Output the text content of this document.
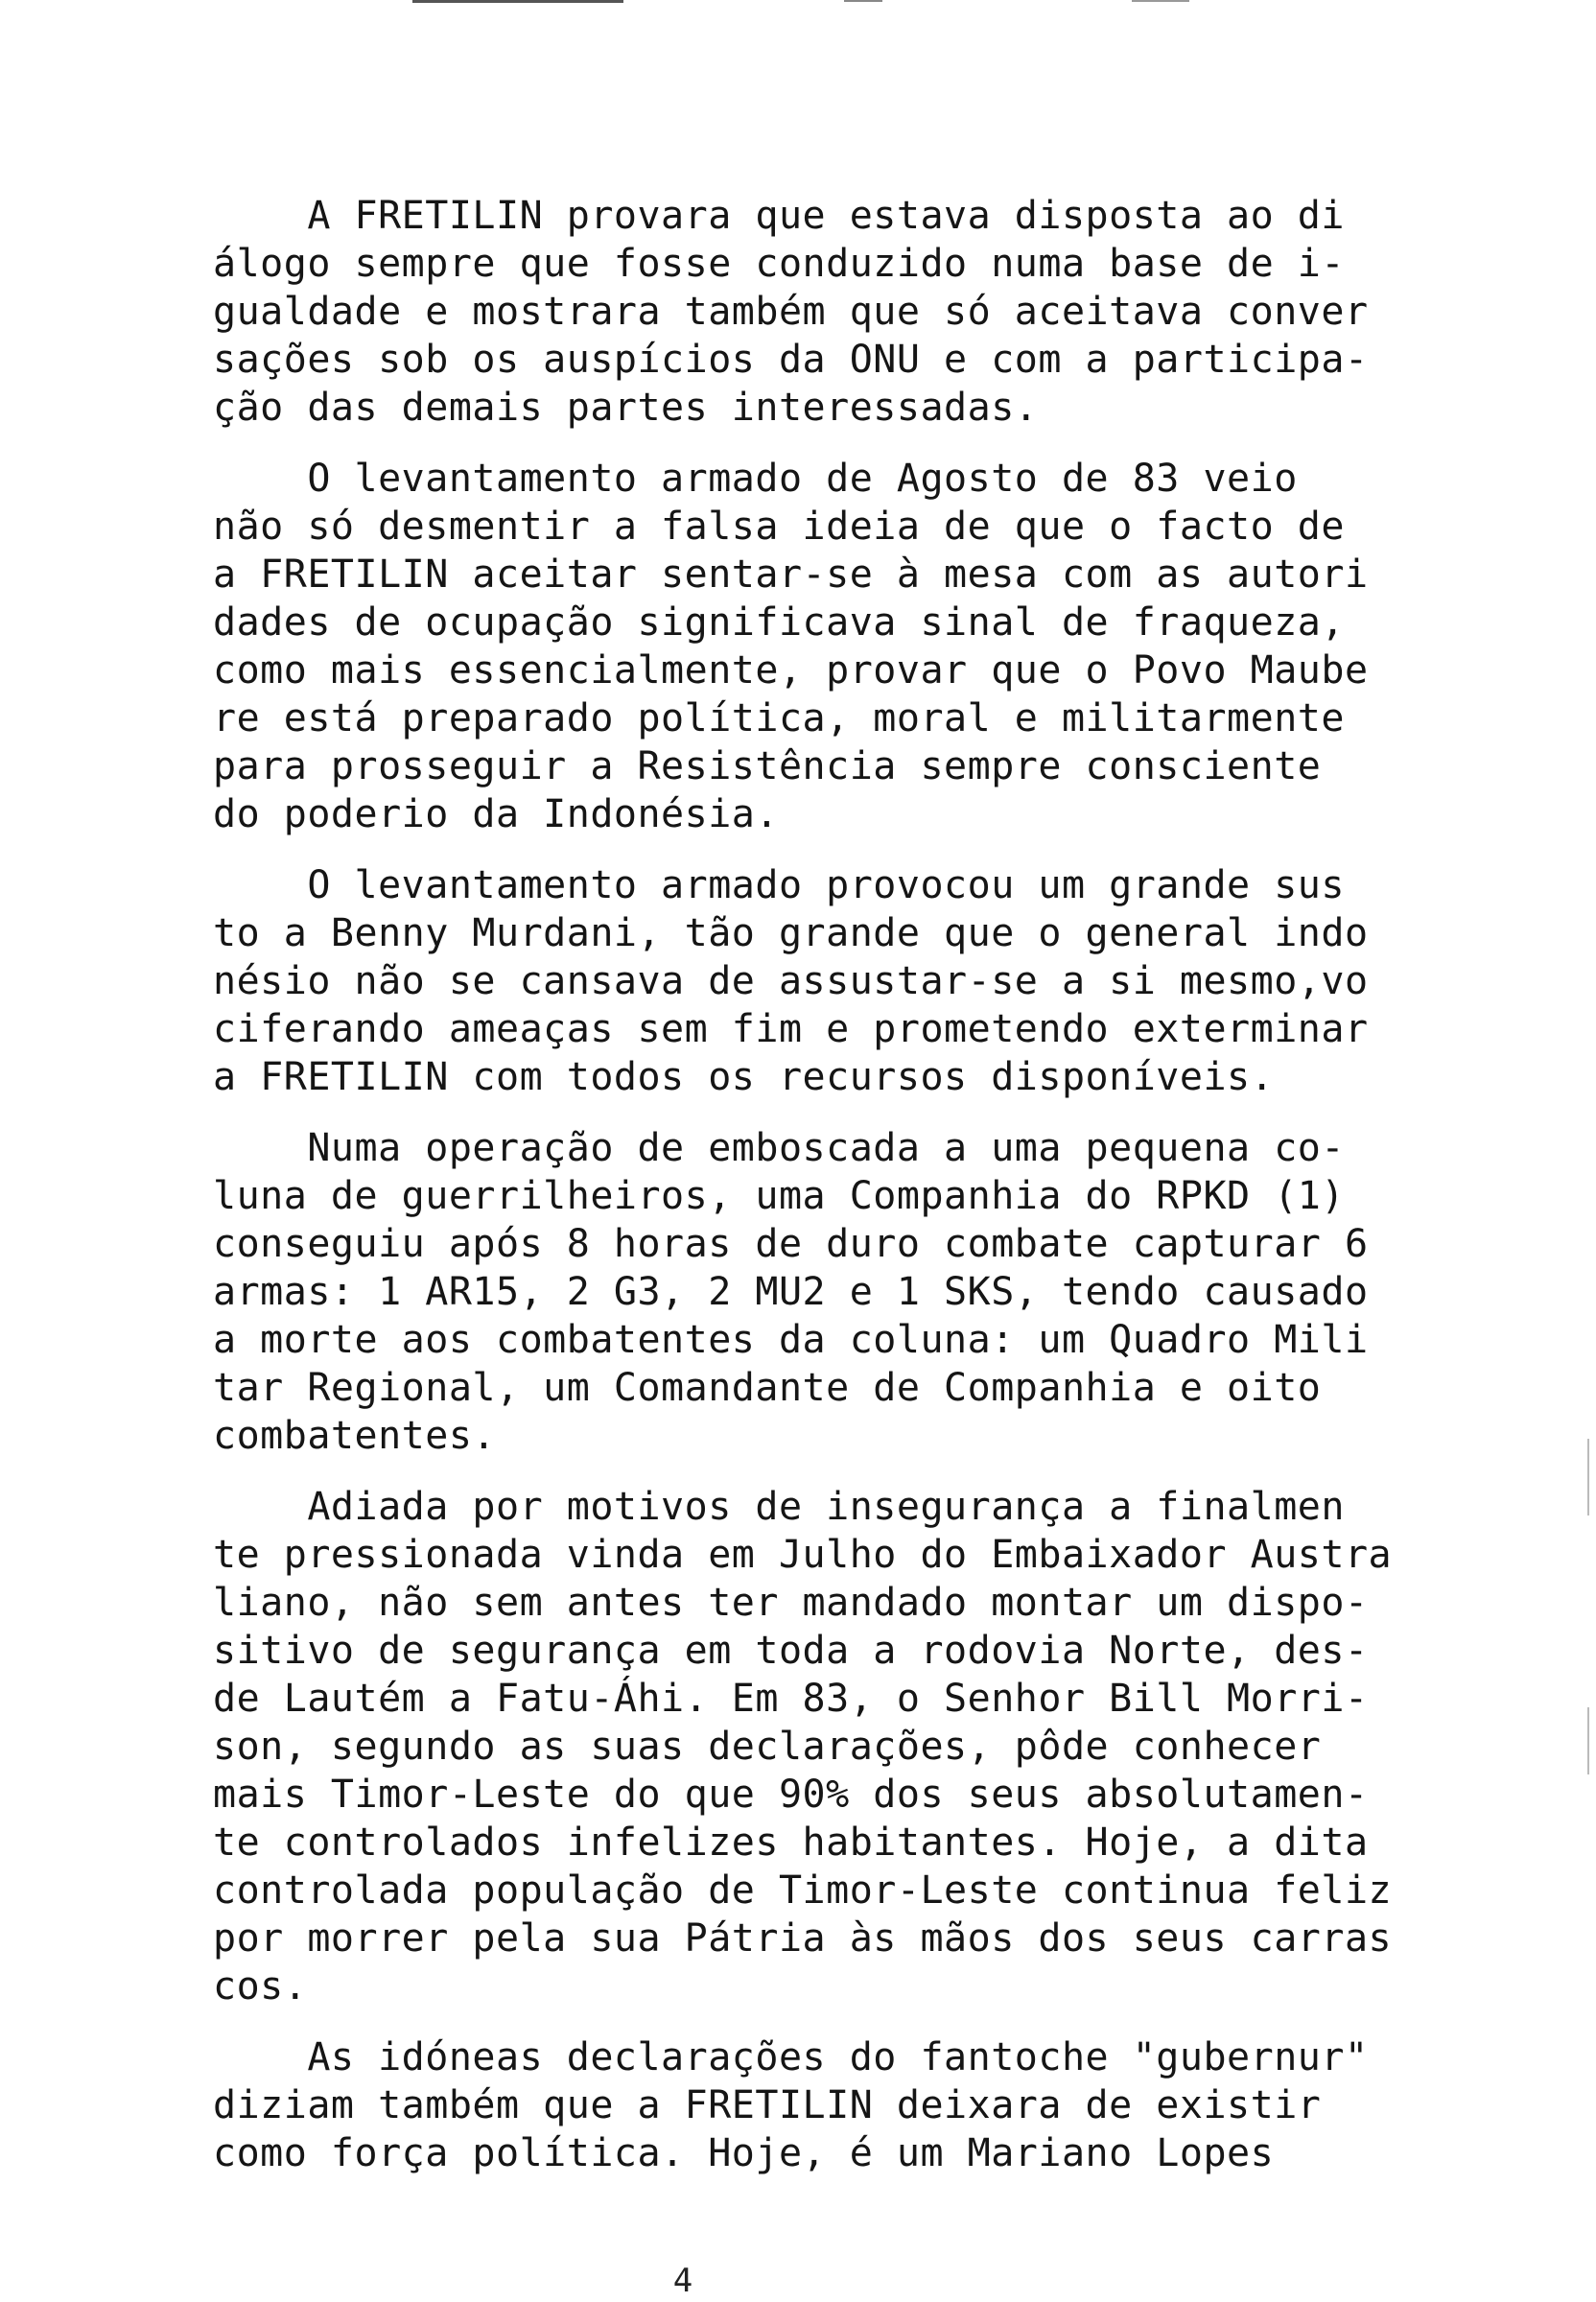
A FRETILIN provara que estava disposta ao di
álogo sempre que fosse conduzido numa base de i-
gualdade e mostrara também que só aceitava conver
sações sob os auspícios da ONU e com a participa-
ção das demais partes interessadas.
O levantamento armado de Agosto de 83 veio
não só desmentir a falsa ideia de que o facto de
a FRETILIN aceitar sentar-se à mesa com as autori
dades de ocupação significava sinal de fraqueza,
como mais essencialmente, provar que o Povo Maube
re está preparado política, moral e militarmente
para prosseguir a Resistência sempre consciente
do poderio da Indonésia.
O levantamento armado provocou um grande sus
to a Benny Murdani, tão grande que o general indo
nésio não se cansava de assustar-se a si mesmo,vo
ciferando ameaças sem fim e prometendo exterminar
a FRETILIN com todos os recursos disponíveis.
Numa operação de emboscada a uma pequena co-
luna de guerrilheiros, uma Companhia do RPKD (1)
conseguiu após 8 horas de duro combate capturar 6
armas: 1 AR15, 2 G3, 2 MU2 e 1 SKS, tendo causado
a morte aos combatentes da coluna: um Quadro Mili
tar Regional, um Comandante de Companhia e oito
combatentes.
Adiada por motivos de insegurança a finalmen
te pressionada vinda em Julho do Embaixador Austra
liano, não sem antes ter mandado montar um dispo-
sitivo de segurança em toda a rodovia Norte, des-
de Lautém a Fatu-Áhi. Em 83, o Senhor Bill Morri-
son, segundo as suas declarações, pôde conhecer
mais Timor-Leste do que 90% dos seus absolutamen-
te controlados infelizes habitantes. Hoje, a dita
controlada população de Timor-Leste continua feliz
por morrer pela sua Pátria às mãos dos seus carras
cos.
As idóneas declarações do fantoche "gubernur"
diziam também que a FRETILIN deixara de existir
como força política. Hoje, é um Mariano Lopes
4
